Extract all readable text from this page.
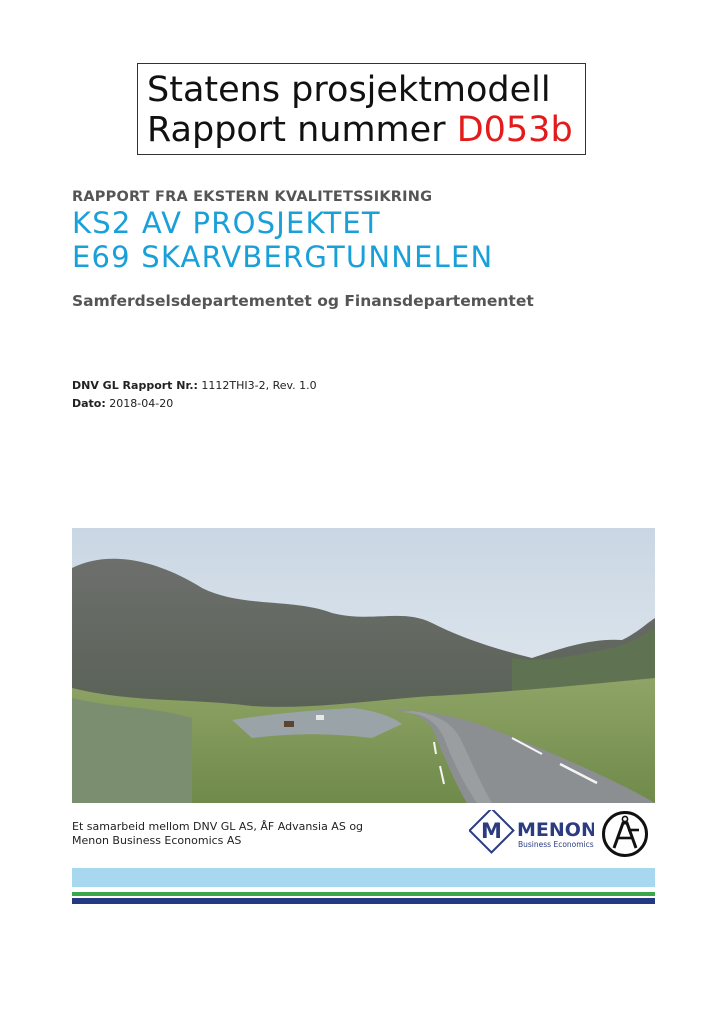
Statens prosjektmodell
Rapport nummer D053b
RAPPORT FRA EKSTERN KVALITETSSIKRING
KS2 AV PROSJEKTET
E69 SKARVBERGTUNNELEN
Samferdselsdepartementet og Finansdepartementet
DNV GL Rapport Nr.: 1112THI3-2, Rev. 1.0
Dato: 2018-04-20
Et samarbeid mellom DNV GL AS, ÅF Advansia AS og
Menon Business Economics AS	M MENON
Business Economics
